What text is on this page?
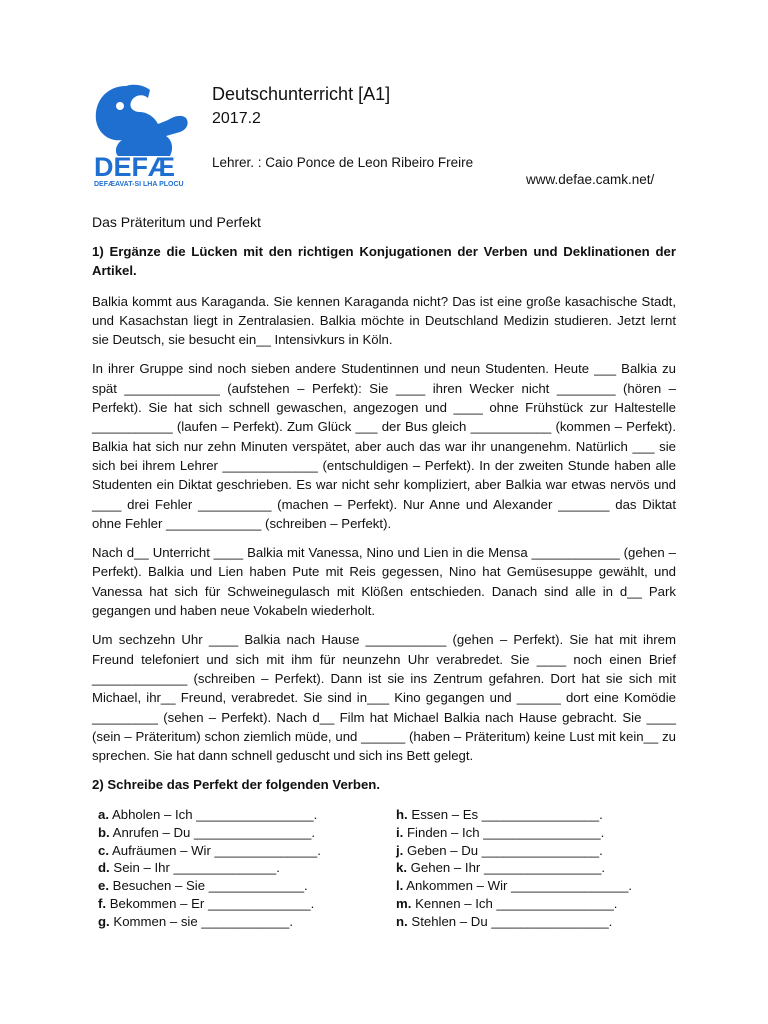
DEFÆ
DEFÆAVAT-SI LHA PLOCU
Deutschunterricht [A1]
2017.2
Lehrer. : Caio Ponce de Leon Ribeiro Freire
www.defae.camk.net/
Das Präteritum und Perfekt

1) Ergänze die Lücken mit den richtigen Konjugationen der Verben und Deklinationen der Artikel.

Balkia kommt aus Karaganda. Sie kennen Karaganda nicht? Das ist eine große kasachische Stadt, und Kasachstan liegt in Zentralasien. Balkia möchte in Deutschland Medizin studieren. Jetzt lernt sie Deutsch, sie besucht ein__ Intensivkurs in Köln.

In ihrer Gruppe sind noch sieben andere Studentinnen und neun Studenten. Heute ___ Balkia zu spät _____________ (aufstehen – Perfekt): Sie ____ ihren Wecker nicht ________ (hören – Perfekt). Sie hat sich schnell gewaschen, angezogen und ____ ohne Frühstück zur Haltestelle ___________ (laufen – Perfekt). Zum Glück ___ der Bus gleich ___________ (kommen – Perfekt). Balkia hat sich nur zehn Minuten verspätet, aber auch das war ihr unangenehm. Natürlich ___ sie sich bei ihrem Lehrer _____________ (entschuldigen – Perfekt). In der zweiten Stunde haben alle Studenten ein Diktat geschrieben. Es war nicht sehr kompliziert, aber Balkia war etwas nervös und ____ drei Fehler __________ (machen – Perfekt). Nur Anne und Alexander _______ das Diktat ohne Fehler _____________ (schreiben – Perfekt).

Nach d__ Unterricht ____ Balkia mit Vanessa, Nino und Lien in die Mensa ____________ (gehen – Perfekt). Balkia und Lien haben Pute mit Reis gegessen, Nino hat Gemüsesuppe gewählt, und Vanessa hat sich für Schweinegulasch mit Klößen entschieden. Danach sind alle in d__ Park gegangen und haben neue Vokabeln wiederholt.

Um sechzehn Uhr ____ Balkia nach Hause ___________ (gehen – Perfekt). Sie hat mit ihrem Freund telefoniert und sich mit ihm für neunzehn Uhr verabredet. Sie ____ noch einen Brief _____________ (schreiben – Perfekt). Dann ist sie ins Zentrum gefahren. Dort hat sie sich mit Michael, ihr__ Freund, verabredet. Sie sind in___ Kino gegangen und ______ dort eine Komödie _________ (sehen – Perfekt). Nach d__ Film hat Michael Balkia nach Hause gebracht. Sie ____ (sein – Präteritum) schon ziemlich müde, und ______ (haben – Präteritum) keine Lust mit kein__ zu sprechen. Sie hat dann schnell geduscht und sich ins Bett gelegt.

2) Schreibe das Perfekt der folgenden Verben.

a. Abholen – Ich ________________.
b. Anrufen – Du ________________.
c. Aufräumen – Wir ______________.
d. Sein – Ihr ______________.
e. Besuchen – Sie _____________.
f. Bekommen – Er ______________.
g. Kommen – sie ____________.
h. Essen – Es ________________.
i. Finden – Ich ________________.
j. Geben – Du ________________.
k. Gehen – Ihr ________________.
l. Ankommen – Wir ________________.
m. Kennen – Ich ________________.
n. Stehlen – Du ________________.
